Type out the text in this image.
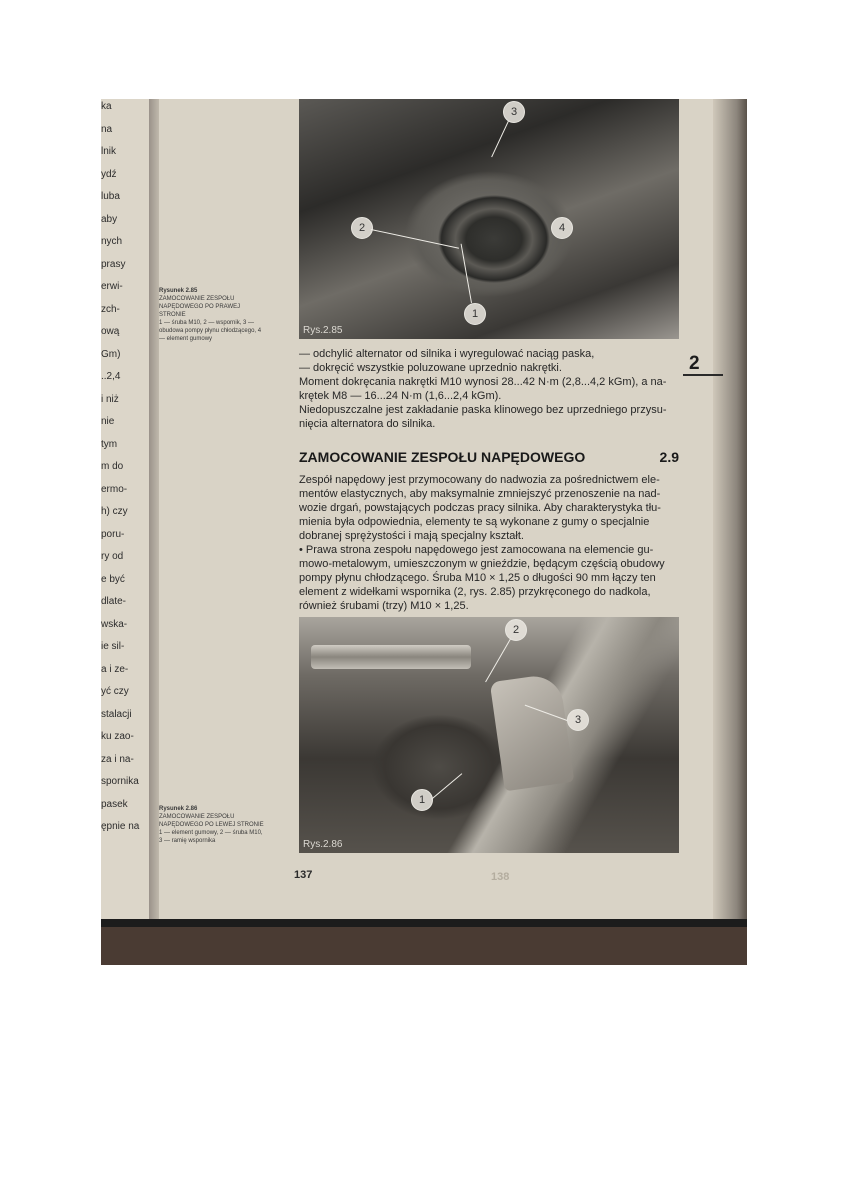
ka
na
lnik
ydź
luba
aby
nych
prasy
erwi-
zch-
ową
Gm)
..2,4
i niż
nie
tym
m do
ermo-
h) czy
poru-
ry od
e być
dlate-
wska-
ie sil-
a i ze-
yć czy
stalacji
ku zao-
za i na-
spornika
pasek
ępnie na
3
2	4
1
Rys.2.85
2
3
1
Rys.2.86
Rysunek 2.85
ZAMOCOWANIE ZESPOŁU NAPĘDOWEGO PO PRAWEJ STRONIE
1 — śruba M10, 2 — wspornik, 3 — obudowa pompy płynu chłodzącego, 4 — element gumowy
Rysunek 2.86
ZAMOCOWANIE ZESPOŁU NAPĘDOWEGO PO LEWEJ STRONIE
1 — element gumowy, 2 — śruba M10, 3 — ramię wspornika

— odchylić alternator od silnika i wyregulować naciąg paska,

— dokręcić wszystkie poluzowane uprzednio nakrętki.

Moment dokręcania nakrętki M10 wynosi 28...42 N·m (2,8...4,2 kGm), a na-

krętek M8 — 16...24 N·m (1,6...2,4 kGm).

Niedopuszczalne jest zakładanie paska klinowego bez uprzedniego przysu-

nięcia alternatora do silnika.

ZAMOCOWANIE ZESPOŁU NAPĘDOWEGO	2.9

Zespół napędowy jest przymocowany do nadwozia za pośrednictwem ele-

mentów elastycznych, aby maksymalnie zmniejszyć przenoszenie na nad-

wozie drgań, powstających podczas pracy silnika. Aby charakterystyka tłu-

mienia była odpowiednia, elementy te są wykonane z gumy o specjalnie

dobranej sprężystości i mają specjalny kształt.

• Prawa strona zespołu napędowego jest zamocowana na elemencie gu-

mowo-metalowym, umieszczonym w gnieździe, będącym częścią obudowy

pompy płynu chłodzącego. Śruba M10 × 1,25 o długości 90 mm łączy ten

element z widełkami wspornika (2, rys. 2.85) przykręconego do nadkola,

również śrubami (trzy) M10 × 1,25.

2
137	138
